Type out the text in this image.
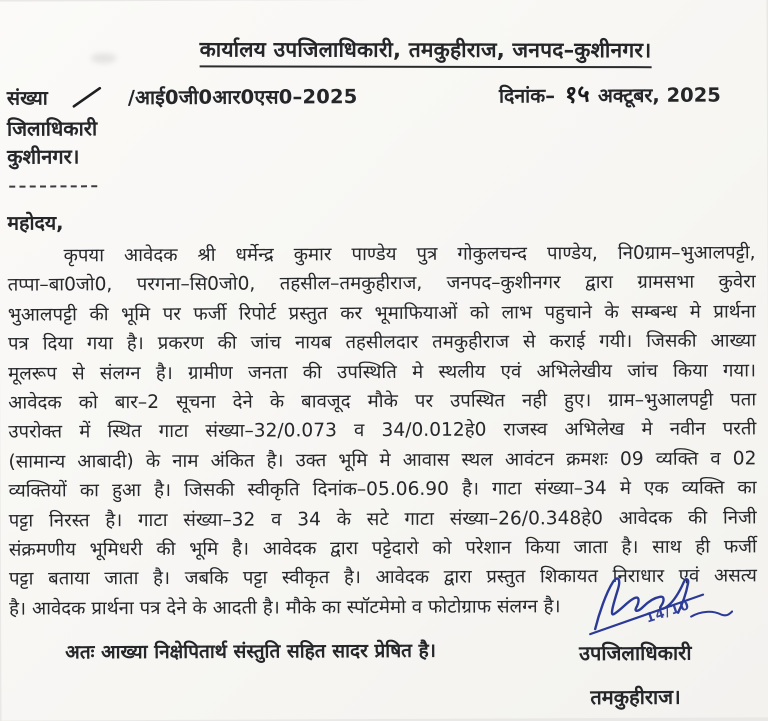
कार्यालय उपजिलाधिकारी, तमकुहीराज, जनपद–कुशीनगर।
संख्या	/आई0जी0आर0एस0–2025	दिनांक– १५ अक्टूबर, 2025
जिलाधिकारी
कुशीनगर।
महोदय,
कृपया आवेदक श्री धर्मेन्द्र कुमार पाण्डेय पुत्र गोकुलचन्द पाण्डेय, नि0ग्राम–भुआलपट्टी,
तप्पा–बा0जो0, परगना–सि0जो0, तहसील–तमकुहीराज, जनपद–कुशीनगर द्वारा ग्रामसभा कुवेरा
भुआलपट्टी की भूमि पर फर्जी रिपोर्ट प्रस्तुत कर भूमाफियाओं को लाभ पहुचाने के सम्बन्ध मे प्रार्थना
पत्र दिया गया है। प्रकरण की जांच नायब तहसीलदार तमकुहीराज से कराई गयी। जिसकी आख्या
मूलरूप से संलग्न है। ग्रामीण जनता की उपस्थिति मे स्थलीय एवं अभिलेखीय जांच किया गया।
आवेदक को बार–2 सूचना देने के बावजूद मौके पर उपस्थित नही हुए। ग्राम–भुआलपट्टी पता
उपरोक्त में स्थित गाटा संख्या–32/0.073 व 34/0.012हे0 राजस्व अभिलेख मे नवीन परती
(सामान्य आबादी) के नाम अंकित है। उक्त भूमि मे आवास स्थल आवंटन क्रमशः 09 व्यक्ति व 02
व्यक्तियों का हुआ है। जिसकी स्वीकृति दिनांक–05.06.90 है। गाटा संख्या–34 मे एक व्यक्ति का
पट्टा निरस्त है। गाटा संख्या–32 व 34 के सटे गाटा संख्या–26/0.348हे0 आवेदक की निजी
संक्रमणीय भूमिधरी की भूमि है। आवेदक द्वारा पट्टेदारो को परेशान किया जाता है। साथ ही फर्जी
पट्टा बताया जाता है। जबकि पट्टा स्वीकृत है। आवेदक द्वारा प्रस्तुत शिकायत निराधार एवं असत्य
है। आवेदक प्रार्थना पत्र देने के आदती है। मौके का स्पॉटमेमो व फोटोग्राफ संलग्न है।
अतः आख्या निक्षेपितार्थ संस्तुति सहित सादर प्रेषित है।
14/10
उपजिलाधिकारी
तमकुहीराज।
